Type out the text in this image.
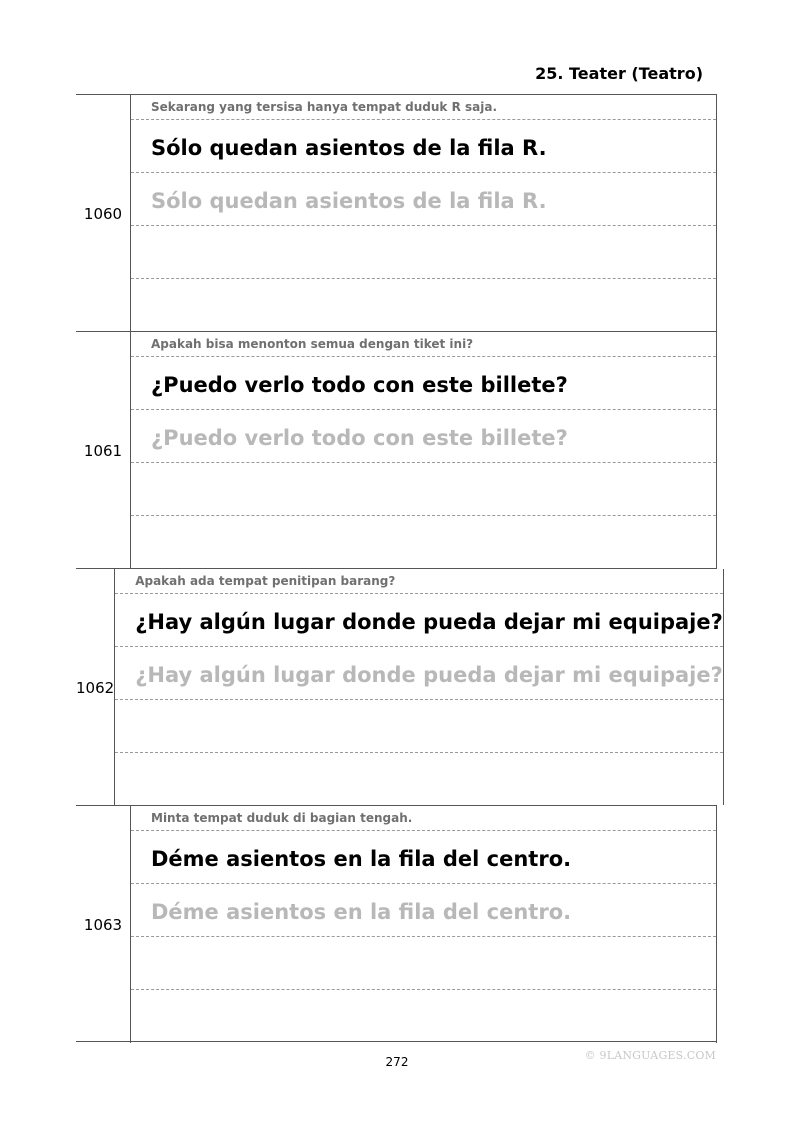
25. Teater (Teatro)
1060
Sekarang yang tersisa hanya tempat duduk R saja.
Sólo quedan asientos de la fila R.
Sólo quedan asientos de la fila R.
1061
Apakah bisa menonton semua dengan tiket ini?
¿Puedo verlo todo con este billete?
¿Puedo verlo todo con este billete?
1062
Apakah ada tempat penitipan barang?
¿Hay algún lugar donde pueda dejar mi equipaje?
¿Hay algún lugar donde pueda dejar mi equipaje?
1063
Minta tempat duduk di bagian tengah.
Déme asientos en la fila del centro.
Déme asientos en la fila del centro.
272	© 9LANGUAGES.COM
